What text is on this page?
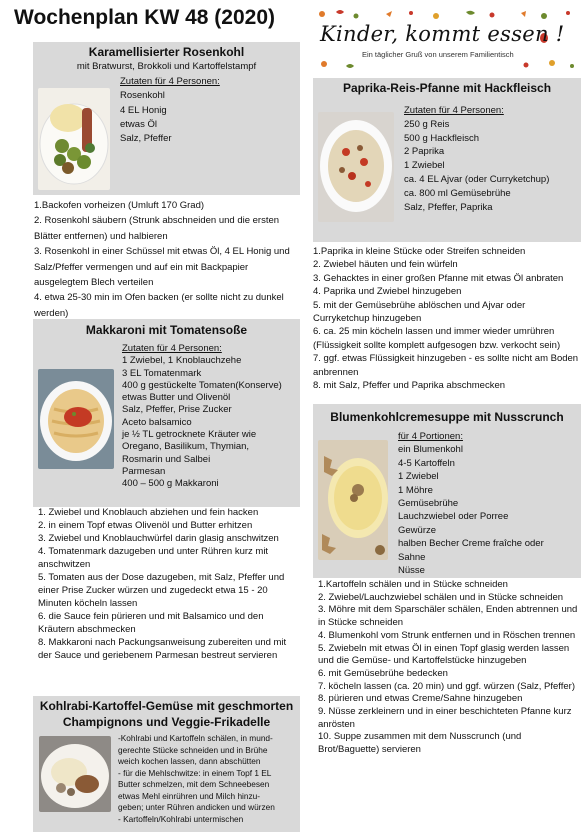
Wochenplan KW 48 (2020)
Kinder, kommt essen !
Ein täglicher Gruß von unserem Familientisch
Karamellisierter Rosenkohl
mit Bratwurst, Brokkoli und Kartoffelstampf
Zutaten für 4 Personen:
Rosenkohl
4 EL Honig
etwas Öl
Salz, Pfeffer
1.Backofen vorheizen (Umluft 170 Grad)
2. Rosenkohl säubern (Strunk abschneiden und die ersten Blätter entfernen) und halbieren
3. Rosenkohl in einer Schüssel mit etwas Öl, 4 EL Honig und Salz/Pfeffer vermengen und auf ein mit Backpapier ausgelegtem Blech verteilen
4. etwa 25-30 min im Ofen backen (er sollte nicht zu dunkel werden)
Makkaroni mit Tomatensoße
Zutaten für 4 Personen:
1 Zwiebel, 1 Knoblauchzehe
3 EL Tomatenmark
400 g gestückelte Tomaten(Konserve)
etwas Butter und Olivenöl
Salz, Pfeffer, Prise Zucker
Aceto balsamico
je ½ TL getrocknete Kräuter wie
Oregano, Basilikum, Thymian,
Rosmarin und Salbei
Parmesan
400 – 500 g Makkaroni
1. Zwiebel und Knoblauch abziehen und fein hacken
2. in einem Topf etwas Olivenöl und Butter erhitzen
3. Zwiebel und Knoblauchwürfel darin glasig anschwitzen
4. Tomatenmark dazugeben und unter Rühren kurz mit anschwitzen
5. Tomaten aus der Dose dazugeben, mit Salz, Pfeffer und einer Prise Zucker würzen und zugedeckt etwa 15 - 20 Minuten köcheln lassen
6. die Sauce fein pürieren und mit Balsamico und den Kräutern abschmecken
8. Makkaroni nach Packungsanweisung zubereiten und mit der Sauce und geriebenem Parmesan bestreut servieren
Kohlrabi-Kartoffel-Gemüse mit geschmorten
Champignons und Veggie-Frikadelle
-Kohlrabi und Kartoffeln schälen, in mund-
gerechte Stücke schneiden und in Brühe
weich kochen lassen, dann abschütten
- für die Mehlschwitze: in einem Topf 1 EL
Butter schmelzen, mit dem Schneebesen
etwas Mehl einrühren und Milch hinzu-
geben; unter Rühren andicken und würzen
- Kartoffeln/Kohlrabi untermischen
Paprika-Reis-Pfanne mit Hackfleisch
Zutaten für 4 Personen:
250 g Reis
500 g Hackfleisch
2 Paprika
1 Zwiebel
ca. 4 EL Ajvar (oder Curryketchup)
ca. 800 ml Gemüsebrühe
Salz, Pfeffer, Paprika
1.Paprika in kleine Stücke oder Streifen schneiden
2. Zwiebel häuten und fein würfeln
3. Gehacktes in einer großen Pfanne mit etwas Öl anbraten
4. Paprika und Zwiebel hinzugeben
5. mit der Gemüsebrühe ablöschen und Ajvar oder Curryketchup hinzugeben
6. ca. 25 min köcheln lassen und immer wieder umrühren (Flüssigkeit sollte komplett aufgesogen bzw. verkocht sein)
7. ggf. etwas Flüssigkeit hinzugeben - es sollte nicht am Boden anbrennen
8. mit Salz, Pfeffer und Paprika abschmecken
Blumenkohlcremesuppe mit Nusscrunch
für 4 Portionen:
ein Blumenkohl
4-5 Kartoffeln
1 Zwiebel
1 Möhre
Gemüsebrühe
Lauchzwiebel oder Porree
Gewürze
halben Becher Creme fraîche oder
Sahne
Nüsse
1.Kartoffeln schälen und in Stücke schneiden
2. Zwiebel/Lauchzwiebel schälen und in Stücke schneiden
3. Möhre mit dem Sparschäler schälen, Enden abtrennen und in Stücke schneiden
4. Blumenkohl vom Strunk entfernen und in Röschen trennen
5. Zwiebeln mit etwas Öl in einen Topf glasig werden lassen und die Gemüse- und Kartoffelstücke hinzugeben
6. mit Gemüsebrühe bedecken
7. köcheln lassen (ca. 20 min) und ggf. würzen (Salz, Pfeffer)
8. pürieren und etwas Creme/Sahne hinzugeben
9. Nüsse zerkleinern und in einer beschichteten Pfanne kurz anrösten
10. Suppe zusammen mit dem Nusscrunch (und Brot/Baguette) servieren
